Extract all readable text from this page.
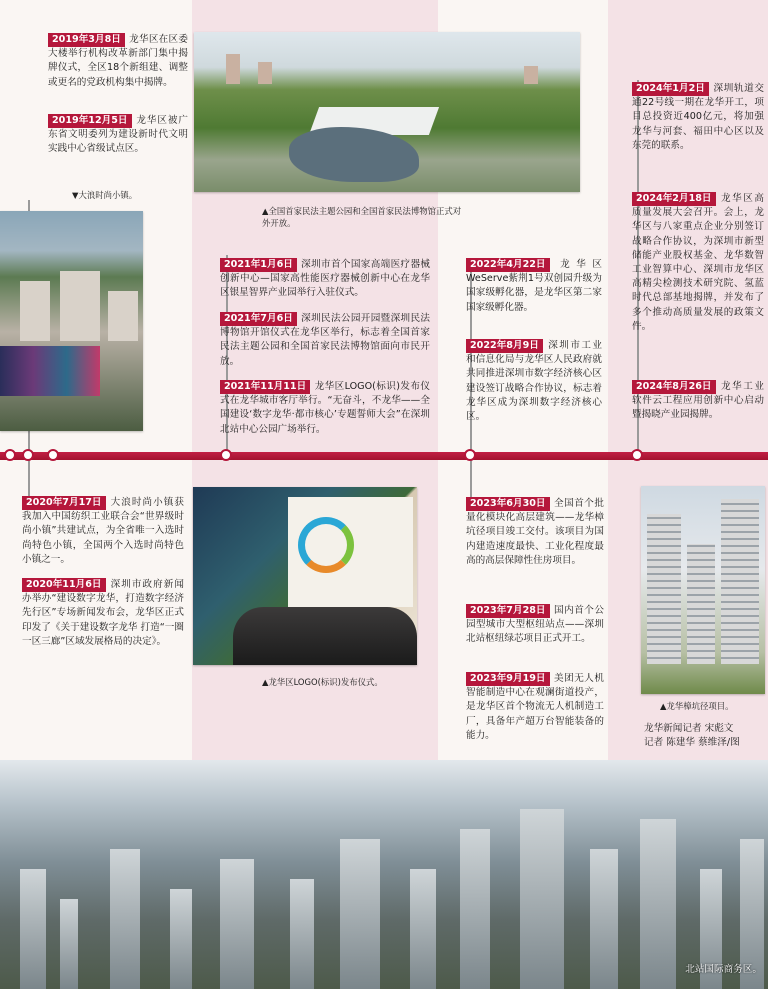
▲全国首家民法主题公园和全国首家民法博物馆正式对外开放。
▼大浪时尚小镇。
▲龙华区LOGO(标识)发布仪式。
▲龙华樟坑径项目。
2019年3月8日 龙华区在区委大楼举行机构改革新部门集中揭牌仪式，全区18个新组建、调整或更名的党政机构集中揭牌。
2019年12月5日 龙华区被广东省文明委列为建设新时代文明实践中心省级试点区。
2021年1月6日 深圳市首个国家高端医疗器械创新中心—国家高性能医疗器械创新中心在龙华区银星智界产业园举行入驻仪式。
2021年7月6日 深圳民法公园开园暨深圳民法博物馆开馆仪式在龙华区举行，标志着全国首家民法主题公园和全国首家民法博物馆面向市民开放。
2021年11月11日 龙华区LOGO(标识)发布仪式在龙华城市客厅举行。“无奋斗，不龙华——全国建设‘数字龙华·都市核心’专题誓师大会”在深圳北站中心公园广场举行。
2022年4月22日 龙华区WeServe紫荆1号双创园升级为国家级孵化器，是龙华区第二家国家级孵化器。
2022年8月9日 深圳市工业和信息化局与龙华区人民政府就共同推进深圳市数字经济核心区建设签订战略合作协议，标志着龙华区成为深圳数字经济核心区。
2024年1月2日 深圳轨道交通22号线一期在龙华开工，项目总投资近400亿元，将加强龙华与河套、福田中心区以及东莞的联系。
2024年2月18日 龙华区高质量发展大会召开。会上，龙华区与八家重点企业分别签订战略合作协议，为深圳市新型储能产业股权基金、龙华数智工业智算中心、深圳市龙华区高精尖检测技术研究院、氢蓝时代总部基地揭牌，并发布了多个推动高质量发展的政策文件。
2024年8月26日 龙华工业软件云工程应用创新中心启动暨揭晓产业园揭牌。
2020年7月17日 大浪时尚小镇获我加入中国纺织工业联合会“世界级时尚小镇”共建试点，为全省唯一入选时尚特色小镇，全国两个入选时尚特色小镇之一。
2020年11月6日 深圳市政府新闻办举办“建设数字龙华，打造数字经济先行区”专场新闻发布会，龙华区正式印发了《关于建设数字龙华 打造“一圈一区三廊”区域发展格局的决定》。
2023年6月30日 全国首个批量化模块化高层建筑——龙华樟坑径项目竣工交付。该项目为国内建造速度最快、工业化程度最高的高层保障性住房项目。
2023年7月28日 国内首个公园型城市大型枢纽站点——深圳北站枢纽绿芯项目正式开工。
2023年9月19日 美团无人机智能制造中心在观澜街道投产，是龙华区首个物流无人机制造工厂，具备年产超万台智能装备的能力。
龙华新闻记者 宋彪文
记者 陈建华 蔡维泽/图
北站国际商务区。
